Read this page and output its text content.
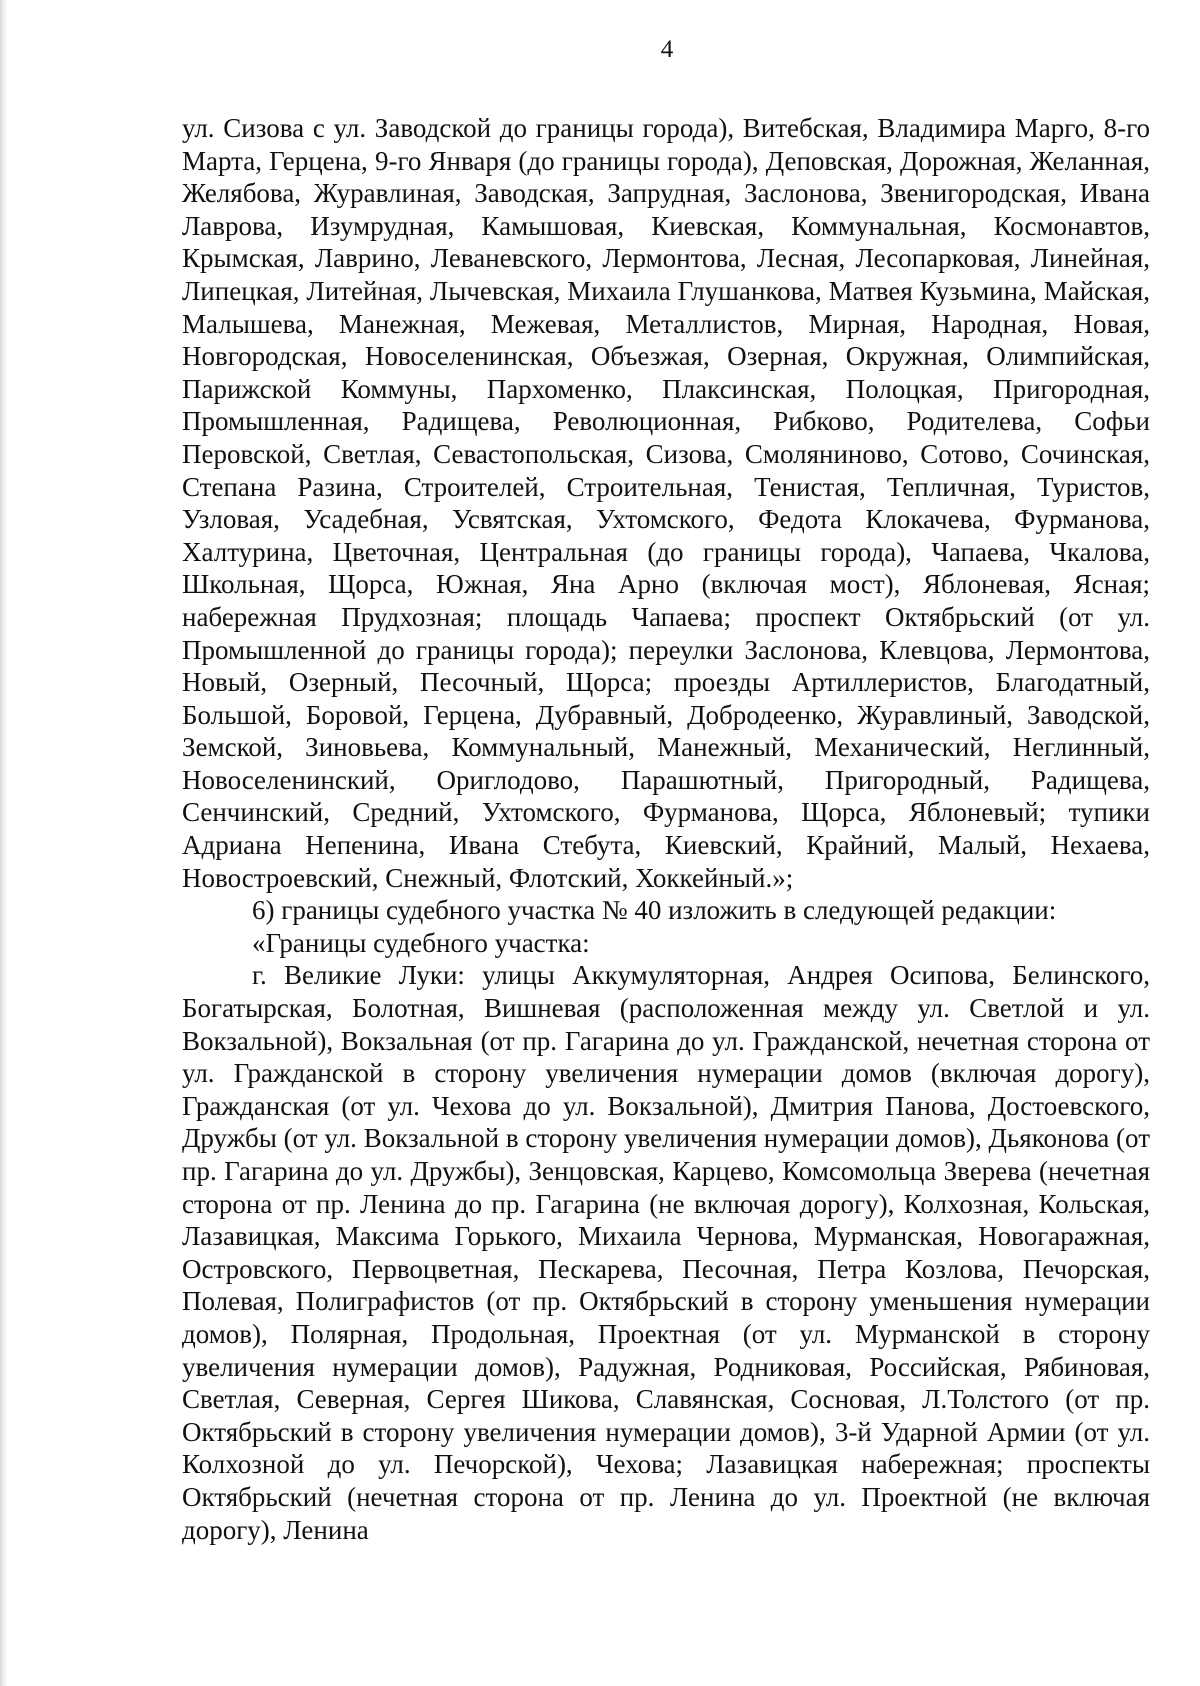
4

ул. Сизова с ул. Заводской до границы города), Витебская, Владимира Марго, 8-го Марта, Герцена, 9-го Января (до границы города), Деповская, Дорожная, Желанная, Желябова, Журавлиная, Заводская, Запрудная, Заслонова, Звенигородская, Ивана Лаврова, Изумрудная, Камышовая, Киевская, Коммунальная, Космонавтов, Крымская, Лаврино, Леваневского, Лермонтова, Лесная, Лесопарковая, Линейная, Липецкая, Литейная, Лычевская, Михаила Глушанкова, Матвея Кузьмина, Майская, Малышева, Манежная, Межевая, Металлистов, Мирная, Народная, Новая, Новгородская, Новоселенинская, Объезжая, Озерная, Окружная, Олимпийская, Парижской Коммуны, Пархоменко, Плаксинская, Полоцкая, Пригородная, Промышленная, Радищева, Революционная, Рибково, Родителева, Софьи Перовской, Светлая, Севастопольская, Сизова, Смоляниново, Сотово, Сочинская, Степана Разина, Строителей, Строительная, Тенистая, Тепличная, Туристов, Узловая, Усадебная, Усвятская, Ухтомского, Федота Клокачева, Фурманова, Халтурина, Цветочная, Центральная (до границы города), Чапаева, Чкалова, Школьная, Щорса, Южная, Яна Арно (включая мост), Яблоневая, Ясная; набережная Прудхозная; площадь Чапаева; проспект Октябрьский (от ул. Промышленной до границы города); переулки Заслонова, Клевцова, Лермонтова, Новый, Озерный, Песочный, Щорса; проезды Артиллеристов, Благодатный, Большой, Боровой, Герцена, Дубравный, Добродеенко, Журавлиный, Заводской, Земской, Зиновьева, Коммунальный, Манежный, Механический, Неглинный, Новоселенинский, Ориглодово, Парашютный, Пригородный, Радищева, Сенчинский, Средний, Ухтомского, Фурманова, Щорса, Яблоневый; тупики Адриана Непенина, Ивана Стебута, Киевский, Крайний, Малый, Нехаева, Новостроевский, Снежный, Флотский, Хоккейный.»;

6) границы судебного участка № 40 изложить в следующей редакции:

«Границы судебного участка:

г. Великие Луки: улицы Аккумуляторная, Андрея Осипова, Белинского, Богатырская, Болотная, Вишневая (расположенная между ул. Светлой и ул. Вокзальной), Вокзальная (от пр. Гагарина до ул. Гражданской, нечетная сторона от ул. Гражданской в сторону увеличения нумерации домов (включая дорогу), Гражданская (от ул. Чехова до ул. Вокзальной), Дмитрия Панова, Достоевского, Дружбы (от ул. Вокзальной в сторону увеличения нумерации домов), Дьяконова (от пр. Гагарина до ул. Дружбы), Зенцовская, Карцево, Комсомольца Зверева (нечетная сторона от пр. Ленина до пр. Гагарина (не включая дорогу), Колхозная, Кольская, Лазавицкая, Максима Горького, Михаила Чернова, Мурманская, Новогаражная, Островского, Первоцветная, Пескарева, Песочная, Петра Козлова, Печорская, Полевая, Полиграфистов (от пр. Октябрьский в сторону уменьшения нумерации домов), Полярная, Продольная, Проектная (от ул. Мурманской в сторону увеличения нумерации домов), Радужная, Родниковая, Российская, Рябиновая, Светлая, Северная, Сергея Шикова, Славянская, Сосновая, Л.Толстого (от пр. Октябрьский в сторону увеличения нумерации домов), 3-й Ударной Армии (от ул. Колхозной до ул. Печорской), Чехова; Лазавицкая набережная; проспекты Октябрьский (нечетная сторона от пр. Ленина до ул. Проектной (не включая дорогу), Ленина
